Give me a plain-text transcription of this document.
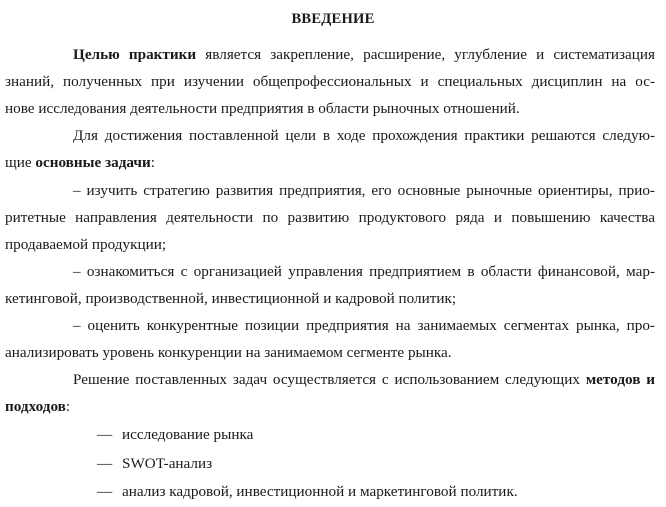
ВВЕДЕНИЕ
Целью практики является закрепление, расширение, углубление и систематизация
знаний, полученных при изучении общепрофессиональных и специальных дисциплин на ос-
нове исследования деятельности предприятия в области рыночных отношений.
Для достижения поставленной цели в ходе прохождения практики решаются следую-
щие основные задачи:
– изучить стратегию развития предприятия, его основные рыночные ориентиры, прио-
ритетные направления деятельности по развитию продуктового ряда и повышению качества
продаваемой продукции;
– ознакомиться с организацией управления предприятием в области финансовой, мар-
кетинговой, производственной, инвестиционной и кадровой политик;
– оценить конкурентные позиции предприятия на занимаемых сегментах рынка, про-
анализировать уровень конкуренции на занимаемом сегменте рынка.
Решение поставленных задач осуществляется с использованием следующих методов и
подходов:
— исследование рынка
— SWOT-анализ
— анализ кадровой, инвестиционной и маркетинговой политик.
